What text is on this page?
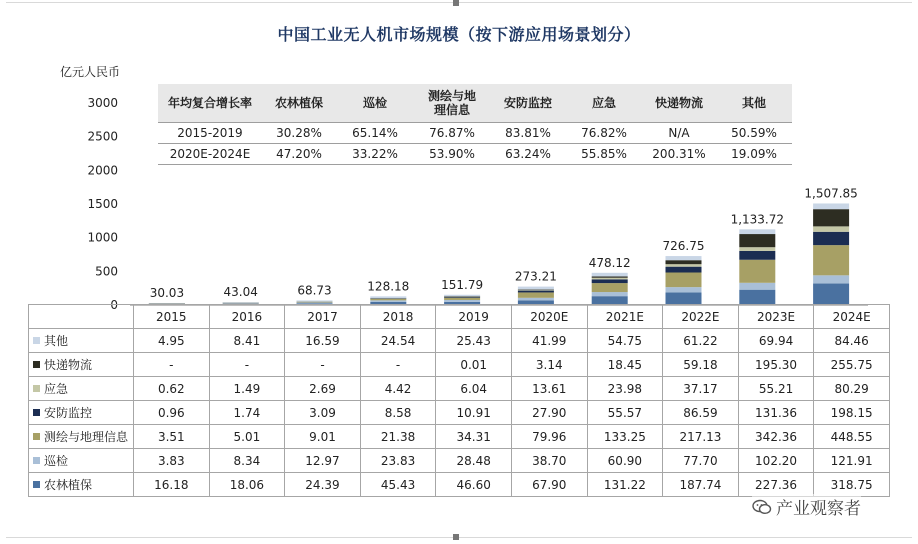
中国工业无人机市场规模（按下游应用场景划分）
亿元人民币
0
500
1000
1500
2000
2500
3000
30.03	43.04	68.73	128.18	151.79
273.21
478.12
726.75
1,133.72
1,507.85
年均复合增长率	农林植保	巡检	测绘与地理信息	安防监控	应急	快递物流	其他
2015-2019	30.28%	65.14%	76.87%	83.81%	76.82%	N/A	50.59%
2020E-2024E	47.20%	33.22%	53.90%	63.24%	55.85%	200.31%	19.09%
	2015	2016	2017	2018	2019	2020E	2021E	2022E	2023E	2024E
其他	4.95	8.41	16.59	24.54	25.43	41.99	54.75	61.22	69.94	84.46
快递物流	-	-	-	-	0.01	3.14	18.45	59.18	195.30	255.75
应急	0.62	1.49	2.69	4.42	6.04	13.61	23.98	37.17	55.21	80.29
安防监控	0.96	1.74	3.09	8.58	10.91	27.90	55.57	86.59	131.36	198.15
测绘与地理信息	3.51	5.01	9.01	21.38	34.31	79.96	133.25	217.13	342.36	448.55
巡检	3.83	8.34	12.97	23.83	28.48	38.70	60.90	77.70	102.20	121.91
农林植保	16.18	18.06	24.39	45.43	46.60	67.90	131.22	187.74	227.36	318.75
产业观察者
